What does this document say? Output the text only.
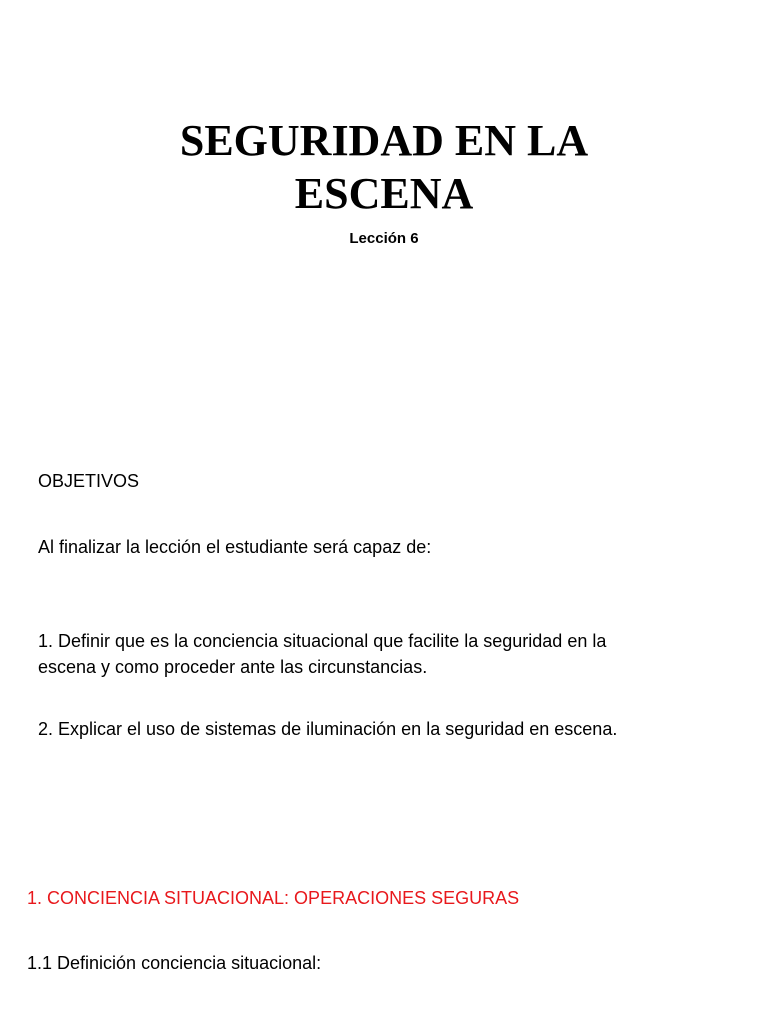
SEGURIDAD EN LA
ESCENA

Lección 6

OBJETIVOS

Al finalizar la lección el estudiante será capaz de:

1. Definir que es la conciencia situacional que facilite la seguridad en la
escena y como proceder ante las circunstancias.
2. Explicar el uso de sistemas de iluminación en la seguridad en escena.

1. CONCIENCIA SITUACIONAL: OPERACIONES SEGURAS

1.1 Definición conciencia situacional:
